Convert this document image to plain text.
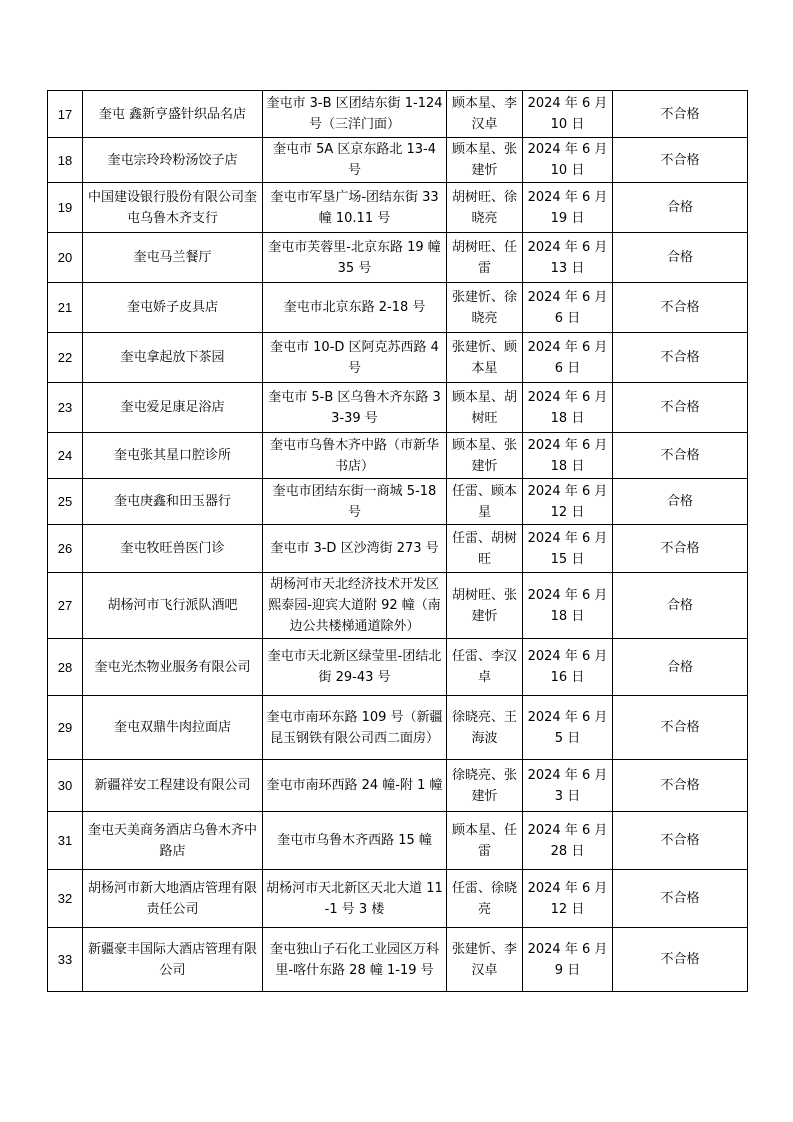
17	奎屯 鑫新亨盛针织品名店	奎屯市 3-B 区团结东街 1-124 号（三洋门面）	顾本星、李汉卓	2024 年 6 月 10 日	不合格
18	奎屯宗玲玲粉汤饺子店	奎屯市 5A 区京东路北 13-4 号	顾本星、张建忻	2024 年 6 月 10 日	不合格
19	中国建设银行股份有限公司奎屯乌鲁木齐支行	奎屯市军垦广场-团结东街 33 幢 10.11 号	胡树旺、徐晓亮	2024 年 6 月 19 日	合格
20	奎屯马兰餐厅	奎屯市芙蓉里-北京东路 19 幢 35 号	胡树旺、任雷	2024 年 6 月 13 日	合格
21	奎屯娇子皮具店	奎屯市北京东路 2-18 号	张建忻、徐晓亮	2024 年 6 月 6 日	不合格
22	奎屯拿起放下茶园	奎屯市 10-D 区阿克苏西路 4 号	张建忻、顾本星	2024 年 6 月 6 日	不合格
23	奎屯爱足康足浴店	奎屯市 5-B 区乌鲁木齐东路 33-39 号	顾本星、胡树旺	2024 年 6 月 18 日	不合格
24	奎屯张其星口腔诊所	奎屯市乌鲁木齐中路（市新华书店）	顾本星、张建忻	2024 年 6 月 18 日	不合格
25	奎屯庚鑫和田玉器行	奎屯市团结东街一商城 5-18 号	任雷、顾本星	2024 年 6 月 12 日	合格
26	奎屯牧旺兽医门诊	奎屯市 3-D 区沙湾街 273 号	任雷、胡树旺	2024 年 6 月 15 日	不合格
27	胡杨河市飞行派队酒吧	胡杨河市天北经济技术开发区熙泰园-迎宾大道附 92 幢（南边公共楼梯通道除外）	胡树旺、张建忻	2024 年 6 月 18 日	合格
28	奎屯光杰物业服务有限公司	奎屯市天北新区绿莹里-团结北街 29-43 号	任雷、李汉卓	2024 年 6 月 16 日	合格
29	奎屯双鼎牛肉拉面店	奎屯市南环东路 109 号（新疆昆玉钢铁有限公司西二面房）	徐晓亮、王海波	2024 年 6 月 5 日	不合格
30	新疆祥安工程建设有限公司	奎屯市南环西路 24 幢-附 1 幢	徐晓亮、张建忻	2024 年 6 月 3 日	不合格
31	奎屯天美商务酒店乌鲁木齐中路店	奎屯市乌鲁木齐西路 15 幢	顾本星、任雷	2024 年 6 月 28 日	不合格
32	胡杨河市新大地酒店管理有限责任公司	胡杨河市天北新区天北大道 11-1 号 3 楼	任雷、徐晓亮	2024 年 6 月 12 日	不合格
33	新疆豪丰国际大酒店管理有限公司	奎屯独山子石化工业园区万科里-喀什东路 28 幢 1-19 号	张建忻、李汉卓	2024 年 6 月 9 日	不合格
